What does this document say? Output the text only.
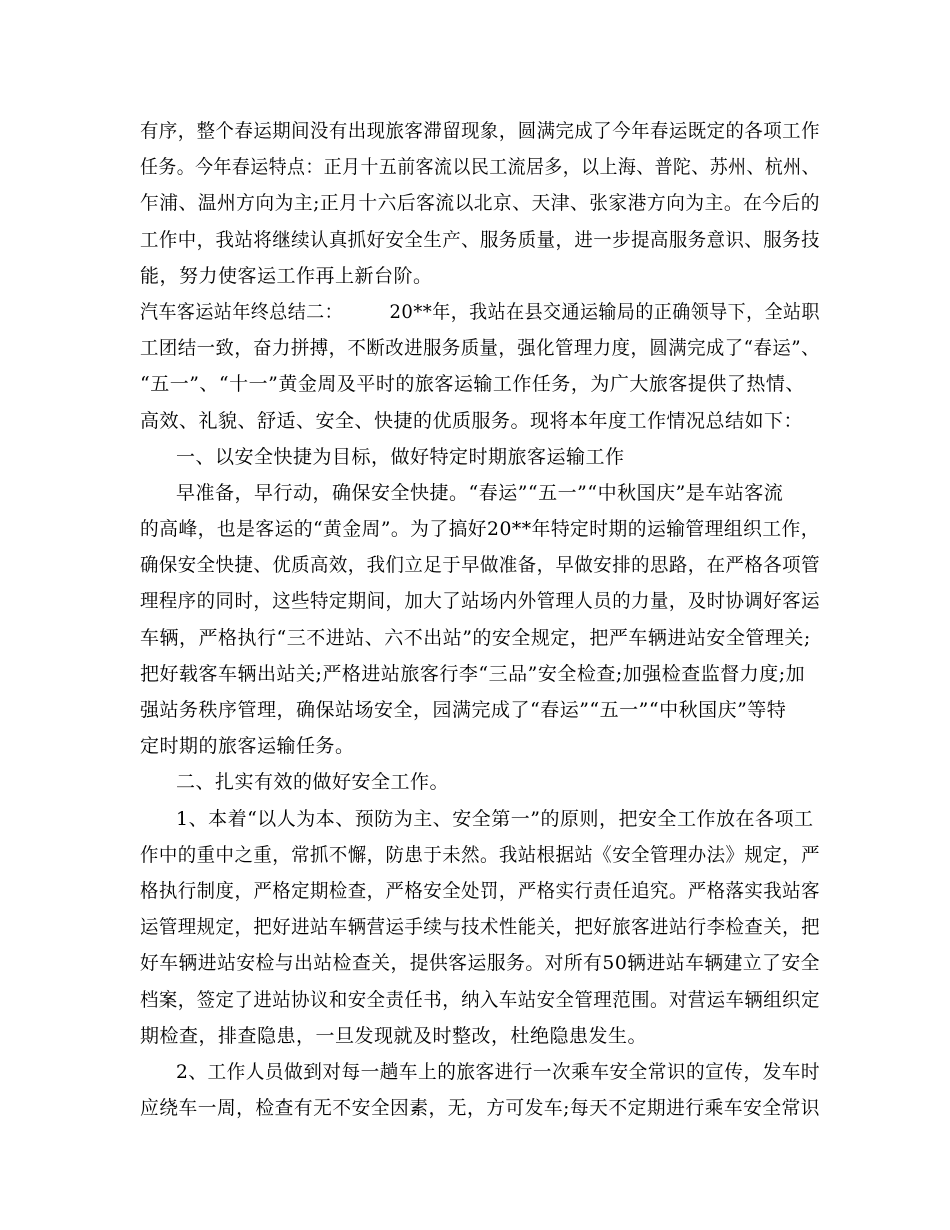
有序，整个春运期间没有出现旅客滞留现象，圆满完成了今年春运既定的各项工作
任务。今年春运特点：正月十五前客流以民工流居多，以上海、普陀、苏州、杭州、
乍浦、温州方向为主;正月十六后客流以北京、天津、张家港方向为主。在今后的
工作中，我站将继续认真抓好安全生产、服务质量，进一步提高服务意识、服务技
能，努力使客运工作再上新台阶。
汽车客运站年终总结二：　　　20**年，我站在县交通运输局的正确领导下，全站职
工团结一致，奋力拼搏，不断改进服务质量，强化管理力度，圆满完成了“春运”、
“五一”、“十一”黄金周及平时的旅客运输工作任务，为广大旅客提供了热情、
高效、礼貌、舒适、安全、快捷的优质服务。现将本年度工作情况总结如下：
一、以安全快捷为目标，做好特定时期旅客运输工作
早准备，早行动，确保安全快捷。“春运”“五一”“中秋国庆”是车站客流
的高峰，也是客运的“黄金周”。为了搞好20**年特定时期的运输管理组织工作，
确保安全快捷、优质高效，我们立足于早做准备，早做安排的思路，在严格各项管
理程序的同时，这些特定期间，加大了站场内外管理人员的力量，及时协调好客运
车辆，严格执行“三不进站、六不出站”的安全规定，把严车辆进站安全管理关;
把好载客车辆出站关;严格进站旅客行李“三品”安全检查;加强检查监督力度;加
强站务秩序管理，确保站场安全，园满完成了“春运”“五一”“中秋国庆”等特
定时期的旅客运输任务。
二、扎实有效的做好安全工作。
1、本着“以人为本、预防为主、安全第一”的原则，把安全工作放在各项工
作中的重中之重，常抓不懈，防患于未然。我站根据站《安全管理办法》规定，严
格执行制度，严格定期检查，严格安全处罚，严格实行责任追究。严格落实我站客
运管理规定，把好进站车辆营运手续与技术性能关，把好旅客进站行李检查关，把
好车辆进站安检与出站检查关，提供客运服务。对所有50辆进站车辆建立了安全
档案，签定了进站协议和安全责任书，纳入车站安全管理范围。对营运车辆组织定
期检查，排查隐患，一旦发现就及时整改，杜绝隐患发生。
2、工作人员做到对每一趟车上的旅客进行一次乘车安全常识的宣传，发车时
应绕车一周，检查有无不安全因素，无，方可发车;每天不定期进行乘车安全常识
